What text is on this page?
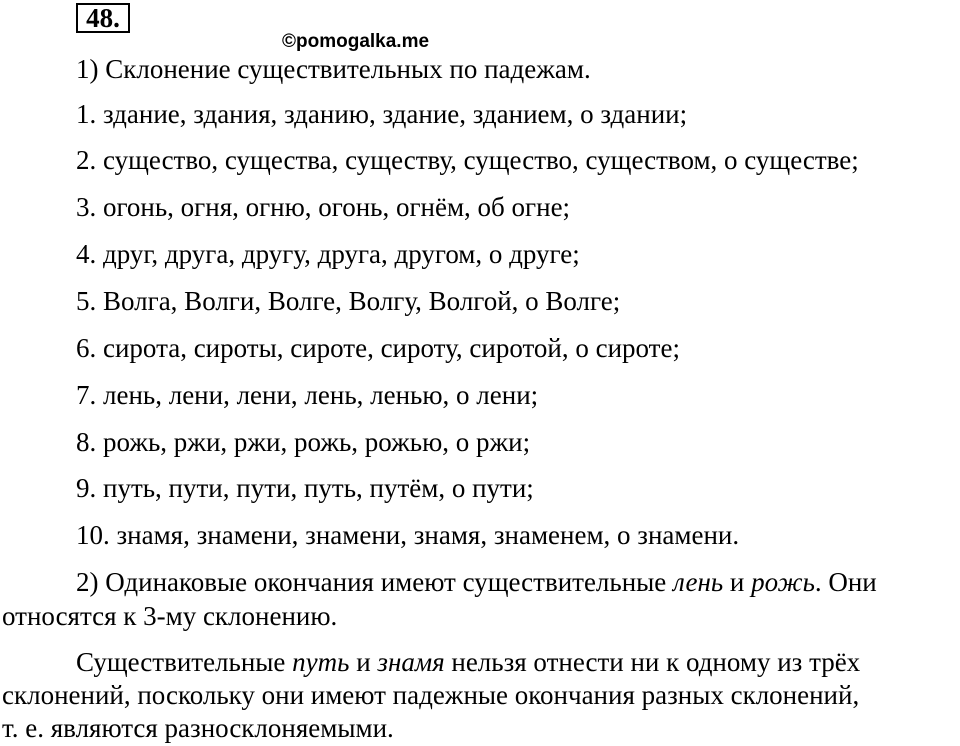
48.
©pomogalka.me
1) Склонение существительных по падежам.
1. здание, здания, зданию, здание, зданием, о здании;
2. существо, существа, существу, существо, существом, о существе;
3. огонь, огня, огню, огонь, огнём, об огне;
4. друг, друга, другу, друга, другом, о друге;
5. Волга, Волги, Волге, Волгу, Волгой, о Волге;
6. сирота, сироты, сироте, сироту, сиротой, о сироте;
7. лень, лени, лени, лень, ленью, о лени;
8. рожь, ржи, ржи, рожь, рожью, о ржи;
9. путь, пути, пути, путь, путём, о пути;
10. знамя, знамени, знамени, знамя, знаменем, о знамени.
2) Одинаковые окончания имеют существительные лень и рожь. Они
относятся к 3-му склонению.
Существительные путь и знамя нельзя отнести ни к одному из трёх
склонений, поскольку они имеют падежные окончания разных склонений,
т. е. являются разносклоняемыми.
